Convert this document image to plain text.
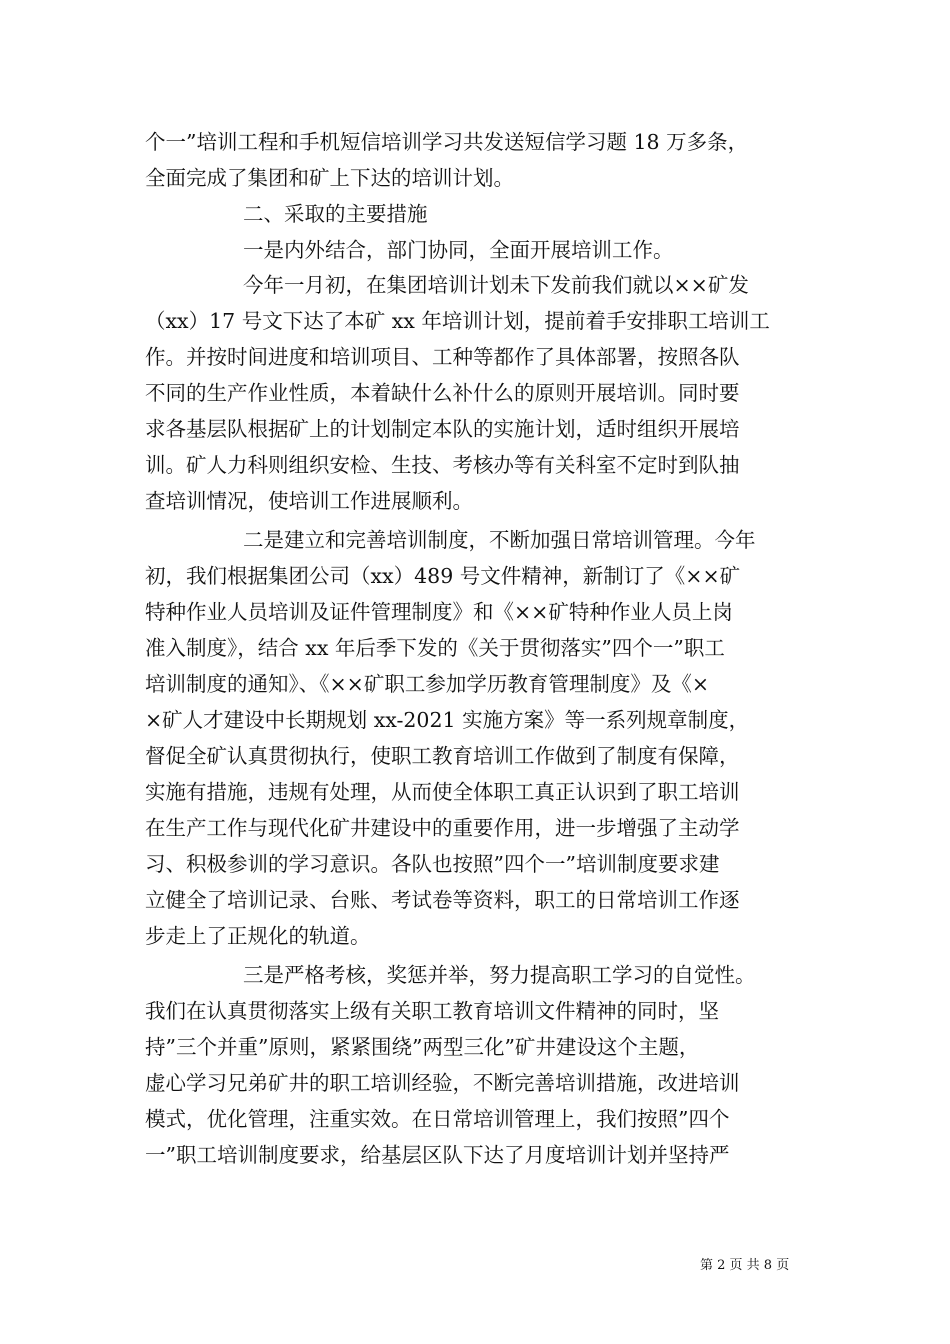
个一”培训工程和手机短信培训学习共发送短信学习题 18 万多条，
全面完成了集团和矿上下达的培训计划。
二、采取的主要措施
一是内外结合，部门协同，全面开展培训工作。
今年一月初，在集团培训计划未下发前我们就以××矿发
（xx）17 号文下达了本矿 xx 年培训计划，提前着手安排职工培训工
作。并按时间进度和培训项目、工种等都作了具体部署，按照各队
不同的生产作业性质，本着缺什么补什么的原则开展培训。同时要
求各基层队根据矿上的计划制定本队的实施计划，适时组织开展培
训。矿人力科则组织安检、生技、考核办等有关科室不定时到队抽
查培训情况，使培训工作进展顺利。
二是建立和完善培训制度，不断加强日常培训管理。今年
初，我们根据集团公司（xx）489 号文件精神，新制订了《××矿
特种作业人员培训及证件管理制度》和《××矿特种作业人员上岗
准入制度》，结合 xx 年后季下发的《关于贯彻落实”四个一”职工
培训制度的通知》、《××矿职工参加学历教育管理制度》及《×
×矿人才建设中长期规划 xx-2021 实施方案》等一系列规章制度，
督促全矿认真贯彻执行，使职工教育培训工作做到了制度有保障，
实施有措施，违规有处理，从而使全体职工真正认识到了职工培训
在生产工作与现代化矿井建设中的重要作用，进一步增强了主动学
习、积极参训的学习意识。各队也按照”四个一”培训制度要求建
立健全了培训记录、台账、考试卷等资料，职工的日常培训工作逐
步走上了正规化的轨道。
三是严格考核，奖惩并举，努力提高职工学习的自觉性。
我们在认真贯彻落实上级有关职工教育培训文件精神的同时，坚
持”三个并重”原则，紧紧围绕”两型三化”矿井建设这个主题，
虚心学习兄弟矿井的职工培训经验，不断完善培训措施，改进培训
模式，优化管理，注重实效。在日常培训管理上，我们按照”四个
一”职工培训制度要求，给基层区队下达了月度培训计划并坚持严
第 2 页 共 8 页
